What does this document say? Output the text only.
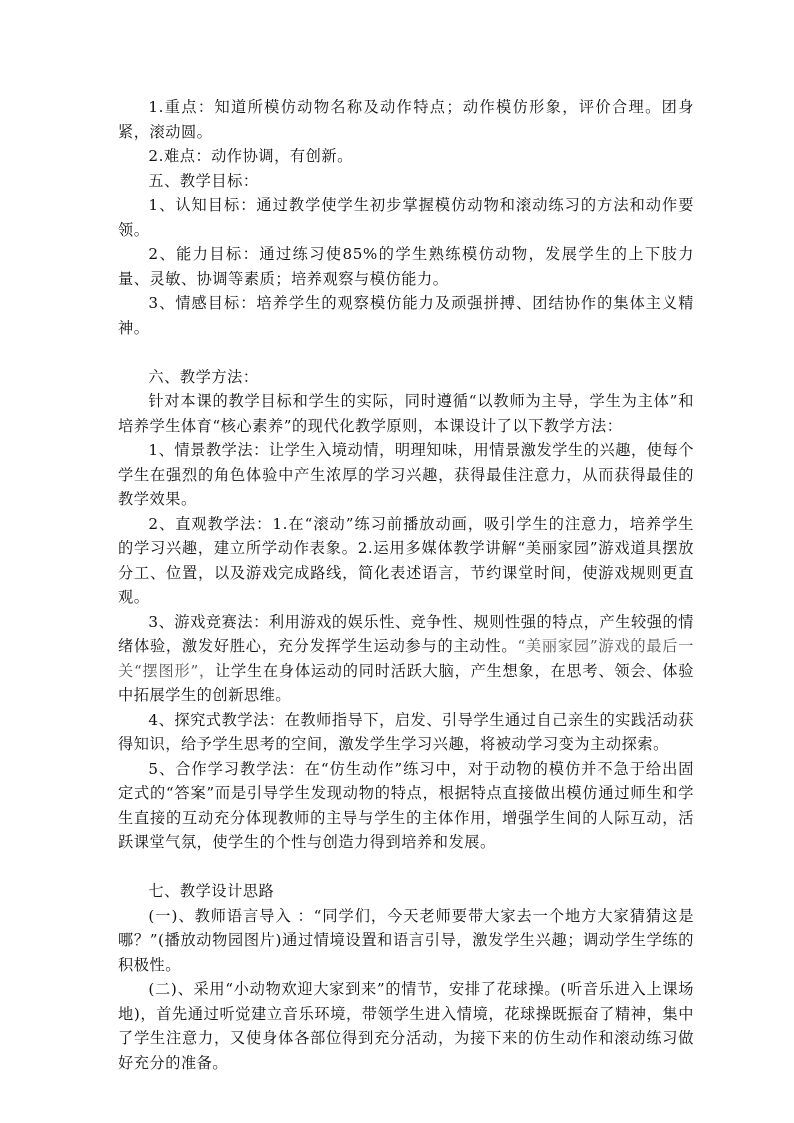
1.重点：知道所模仿动物名称及动作特点；动作模仿形象，评价合理。团身紧，滚动圆。

2.难点：动作协调，有创新。

五、教学目标：

1、认知目标：通过教学使学生初步掌握模仿动物和滚动练习的方法和动作要领。

2、能力目标：通过练习使85%的学生熟练模仿动物，发展学生的上下肢力量、灵敏、协调等素质；培养观察与模仿能力。

3、情感目标：培养学生的观察模仿能力及顽强拼搏、团结协作的集体主义精神。

六、教学方法：

针对本课的教学目标和学生的实际，同时遵循“以教师为主导，学生为主体”和培养学生体育“核心素养”的现代化教学原则，本课设计了以下教学方法：

1、情景教学法：让学生入境动情，明理知味，用情景激发学生的兴趣，使每个学生在强烈的角色体验中产生浓厚的学习兴趣，获得最佳注意力，从而获得最佳的教学效果。

2、直观教学法：1.在“滚动”练习前播放动画，吸引学生的注意力，培养学生的学习兴趣，建立所学动作表象。2.运用多媒体教学讲解“美丽家园”游戏道具摆放分工、位置，以及游戏完成路线，简化表述语言，节约课堂时间，使游戏规则更直观。

3、游戏竞赛法：利用游戏的娱乐性、竞争性、规则性强的特点，产生较强的情绪体验，激发好胜心，充分发挥学生运动参与的主动性。“美丽家园”游戏的最后一关“摆图形”，让学生在身体运动的同时活跃大脑，产生想象，在思考、领会、体验中拓展学生的创新思维。

4、探究式教学法：在教师指导下，启发、引导学生通过自己亲生的实践活动获得知识，给予学生思考的空间，激发学生学习兴趣，将被动学习变为主动探索。

5、合作学习教学法：在“仿生动作”练习中，对于动物的模仿并不急于给出固定式的“答案”而是引导学生发现动物的特点，根据特点直接做出模仿通过师生和学生直接的互动充分体现教师的主导与学生的主体作用，增强学生间的人际互动，活跃课堂气氛，使学生的个性与创造力得到培养和发展。

七、教学设计思路

(一)、教师语言导入 ：“同学们，今天老师要带大家去一个地方大家猜猜这是哪？”(播放动物园图片)通过情境设置和语言引导，激发学生兴趣；调动学生学练的积极性。

(二)、采用“小动物欢迎大家到来”的情节，安排了花球操。(听音乐进入上课场地)，首先通过听觉建立音乐环境，带领学生进入情境，花球操既振奋了精神，集中了学生注意力，又使身体各部位得到充分活动，为接下来的仿生动作和滚动练习做好充分的准备。
